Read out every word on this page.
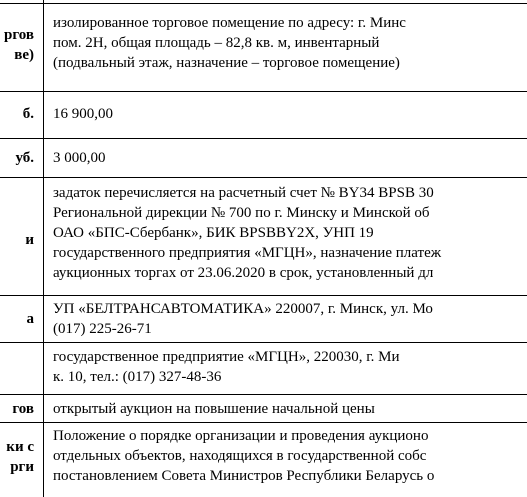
ргов
ве)
изолированное торговое помещение по адресу: г. Минс
пом. 2Н, общая площадь – 82,8 кв. м, инвентарный
(подвальный этаж, назначение – торговое помещение)
б. 16 900,00
уб. 3 000,00
и
задаток перечисляется на расчетный счет № BY34 BPSB 30
Региональной дирекции № 700 по г. Минску и Минской об
ОАО «БПС-Сбербанк», БИК BPSBBY2X, УНП 19
государственного предприятия «МГЦН», назначение платеж
аукционных торгах от 23.06.2020 в срок, установленный дл
а
УП «БЕЛТРАНСАВТОМАТИКА» 220007, г. Минск, ул. Мо
(017) 225-26-71
государственное предприятие «МГЦН», 220030, г. Ми
к. 10, тел.: (017) 327-48-36
гов открытый аукцион на повышение начальной цены
ки с
рги
Положение о порядке организации и проведения аукционо
отдельных объектов, находящихся в государственной собс
постановлением Совета Министров Республики Беларусь о
